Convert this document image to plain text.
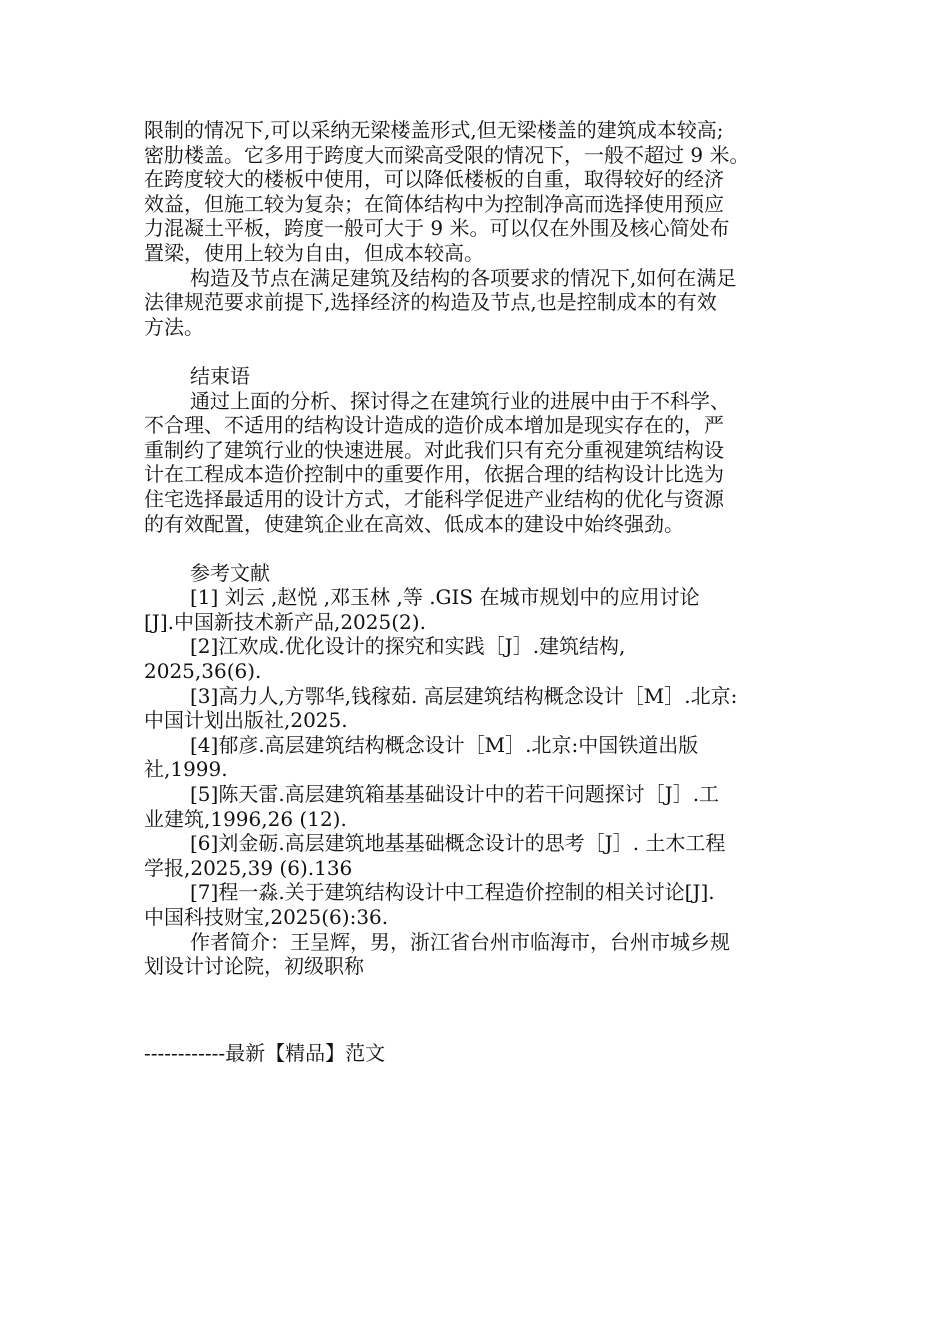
限制的情况下,可以采纳无梁楼盖形式,但无梁楼盖的建筑成本较高;
密肋楼盖。它多用于跨度大而梁高受限的情况下，一般不超过 9 米。
在跨度较大的楼板中使用，可以降低楼板的自重，取得较好的经济
效益，但施工较为复杂；在简体结构中为控制净高而选择使用预应
力混凝土平板，跨度一般可大于 9 米。可以仅在外围及核心简处布
置梁，使用上较为自由，但成本较高。
构造及节点在满足建筑及结构的各项要求的情况下,如何在满足
法律规范要求前提下,选择经济的构造及节点,也是控制成本的有效
方法。
结束语
通过上面的分析、探讨得之在建筑行业的进展中由于不科学、
不合理、不适用的结构设计造成的造价成本增加是现实存在的，严
重制约了建筑行业的快速进展。对此我们只有充分重视建筑结构设
计在工程成本造价控制中的重要作用，依据合理的结构设计比选为
住宅选择最适用的设计方式，才能科学促进产业结构的优化与资源
的有效配置，使建筑企业在高效、低成本的建设中始终强劲。
参考文献
[1] 刘云 ,赵悦 ,邓玉林 ,等 .GIS 在城市规划中的应用讨论
[J].中国新技术新产品,2025(2).
[2]江欢成.优化设计的探究和实践［J］.建筑结构,
2025,36(6).
[3]高力人,方鄂华,钱稼茹. 高层建筑结构概念设计［M］.北京:
中国计划出版社,2025.
[4]郁彦.高层建筑结构概念设计［M］.北京:中国铁道出版
社,1999.
[5]陈天雷.高层建筑箱基基础设计中的若干问题探讨［J］.工
业建筑,1996,26 (12).
[6]刘金砺.高层建筑地基基础概念设计的思考［J］. 土木工程
学报,2025,39 (6).136
[7]程一淼.关于建筑结构设计中工程造价控制的相关讨论[J].
中国科技财宝,2025(6):36.
作者简介：王呈辉，男，浙江省台州市临海市，台州市城乡规
划设计讨论院，初级职称
------------最新【精品】范文
